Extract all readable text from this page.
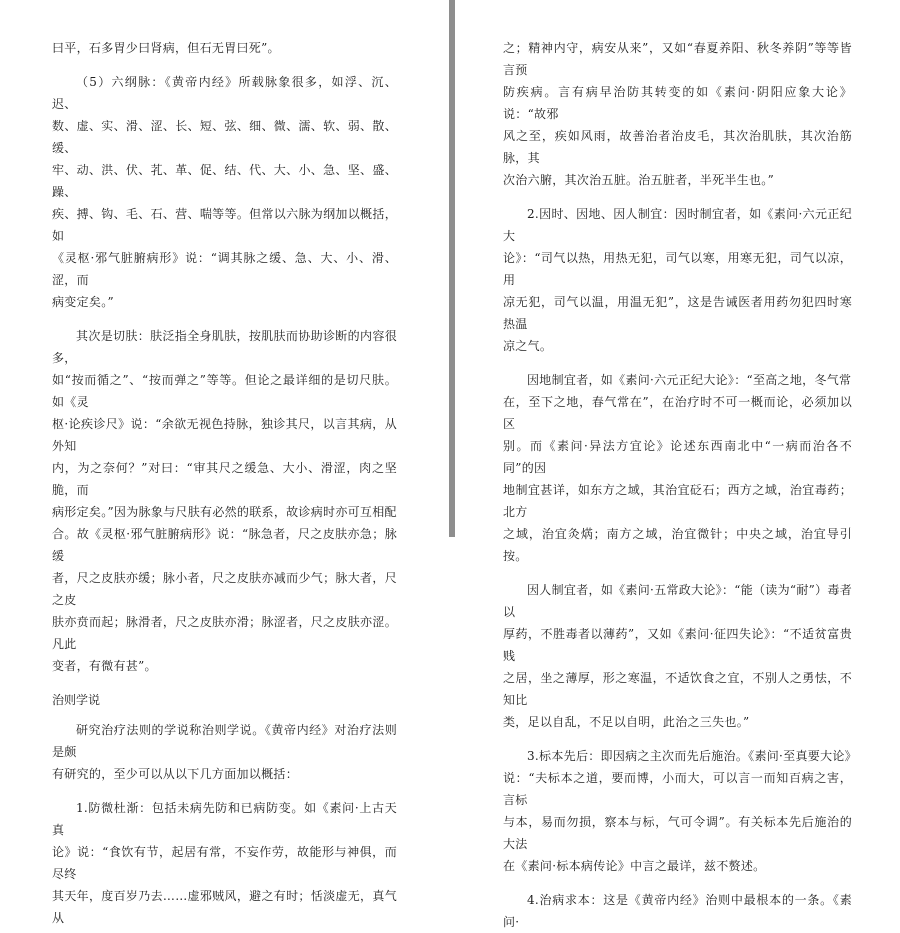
曰平，石多胃少曰肾病，但石无胃曰死”。

（5）六纲脉：《黄帝内经》所载脉象很多，如浮、沉、迟、

数、虚、实、滑、涩、长、短、弦、细、微、濡、软、弱、散、缓、

牢、动、洪、伏、芤、革、促、结、代、大、小、急、坚、盛、躁、

疾、搏、钩、毛、石、营、喘等等。但常以六脉为纲加以概括，如

《灵枢·邪气脏腑病形》说：“调其脉之缓、急、大、小、滑、涩，而

病变定矣。”

其次是切肤：肤泛指全身肌肤，按肌肤而协助诊断的内容很多，

如“按而循之”、“按而弹之”等等。但论之最详细的是切尺肤。如《灵

枢·论疾诊尺》说：“余欲无视色持脉，独诊其尺，以言其病，从外知

内，为之奈何？”对曰：“审其尺之缓急、大小、滑涩，肉之坚脆，而

病形定矣。”因为脉象与尺肤有必然的联系，故诊病时亦可互相配

合。故《灵枢·邪气脏腑病形》说：“脉急者，尺之皮肤亦急；脉缓

者，尺之皮肤亦缓；脉小者，尺之皮肤亦减而少气；脉大者，尺之皮

肤亦贲而起；脉滑者，尺之皮肤亦滑；脉涩者，尺之皮肤亦涩。凡此

变者，有微有甚”。

治则学说

研究治疗法则的学说称治则学说。《黄帝内经》对治疗法则是颇

有研究的，至少可以从以下几方面加以概括：

1.防微杜渐：包括未病先防和已病防变。如《素问·上古天真

论》说：“食饮有节，起居有常，不妄作劳，故能形与神俱，而尽终

其天年，度百岁乃去……虚邪贼风，避之有时；恬淡虚无，真气从

之；精神内守，病安从来”，又如“春夏养阳、秋冬养阴”等等皆言预

防疾病。言有病早治防其转变的如《素问·阴阳应象大论》说：“故邪

风之至，疾如风雨，故善治者治皮毛，其次治肌肤，其次治筋脉，其

次治六腑，其次治五脏。治五脏者，半死半生也。”

2.因时、因地、因人制宜：因时制宜者，如《素问·六元正纪大

论》：“司气以热，用热无犯，司气以寒，用寒无犯，司气以凉，用

凉无犯，司气以温，用温无犯”，这是告诫医者用药勿犯四时寒热温

凉之气。

因地制宜者，如《素问·六元正纪大论》：“至高之地，冬气常

在，至下之地，春气常在”，在治疗时不可一概而论，必须加以区

别。而《素问·异法方宜论》论述东西南北中“一病而治各不同”的因

地制宜甚详，如东方之域，其治宜砭石；西方之域，治宜毒药；北方

之域，治宜灸焫；南方之域，治宜微针；中央之域，治宜导引按。

因人制宜者，如《素问·五常政大论》：“能（读为“耐”）毒者以

厚药，不胜毒者以薄药”，又如《素问·征四失论》：“不适贫富贵贱

之居，坐之薄厚，形之寒温，不适饮食之宜，不别人之勇怯，不知比

类，足以自乱，不足以自明，此治之三失也。”

3.标本先后：即因病之主次而先后施治。《素问·至真要大论》

说：“夫标本之道，要而博，小而大，可以言一而知百病之害，言标

与本，易而勿损，察本与标，气可令调”。有关标本先后施治的大法

在《素问·标本病传论》中言之最详，兹不赘述。

4.治病求本：这是《黄帝内经》治则中最根本的一条。《素问·
